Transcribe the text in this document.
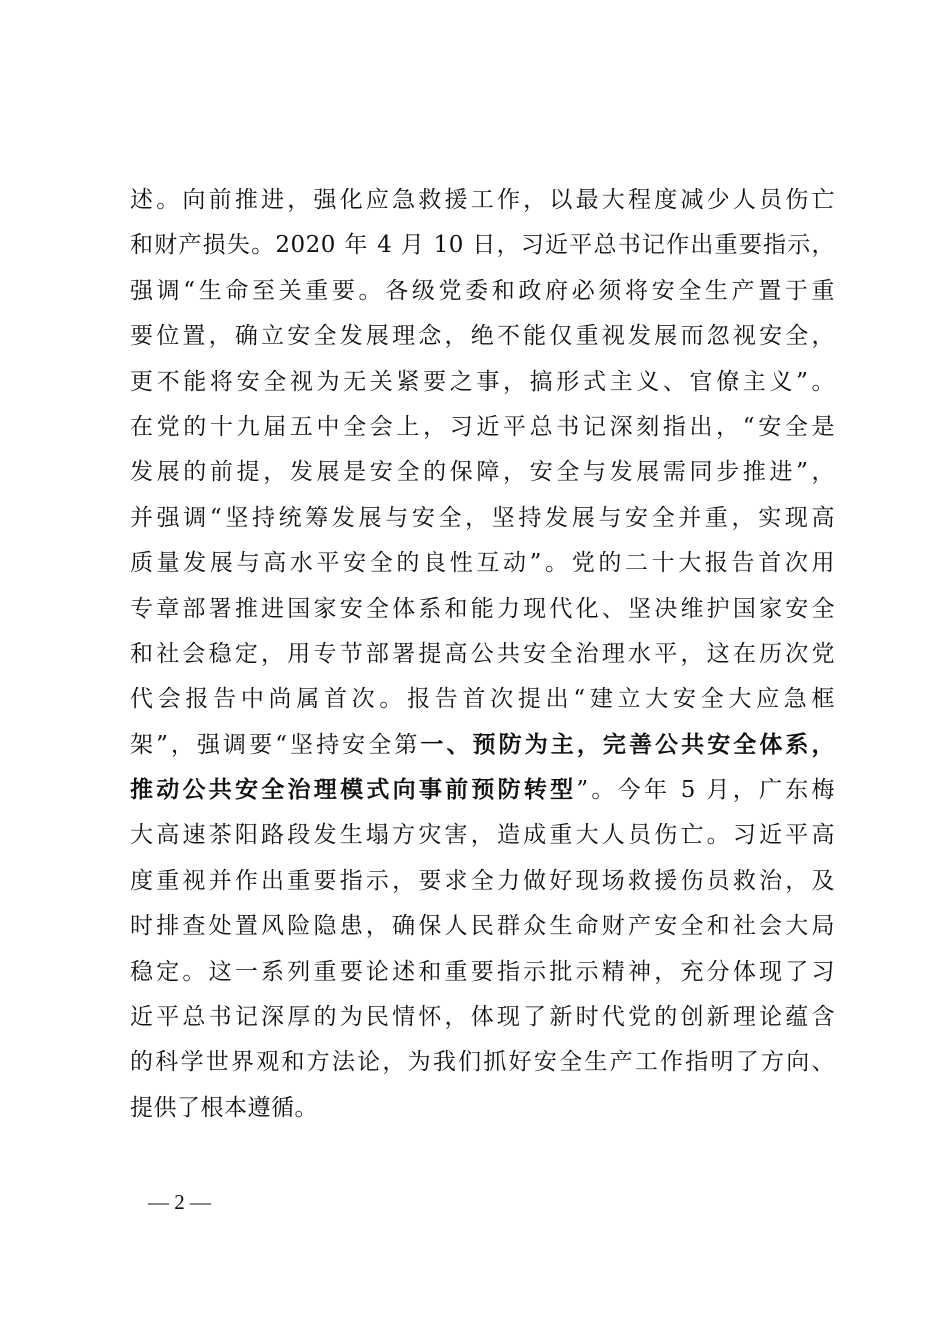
述。向前推进，强化应急救援工作，以最大程度减少人员伤亡
和财产损失。2020 年 4 月 10 日，习近平总书记作出重要指示，
强调“生命至关重要。各级党委和政府必须将安全生产置于重
要位置，确立安全发展理念，绝不能仅重视发展而忽视安全，
更不能将安全视为无关紧要之事，搞形式主义、官僚主义”。
在党的十九届五中全会上，习近平总书记深刻指出，“安全是
发展的前提，发展是安全的保障，安全与发展需同步推进”，
并强调“坚持统筹发展与安全，坚持发展与安全并重，实现高
质量发展与高水平安全的良性互动”。党的二十大报告首次用
专章部署推进国家安全体系和能力现代化、坚决维护国家安全
和社会稳定，用专节部署提高公共安全治理水平，这在历次党
代会报告中尚属首次。报告首次提出“建立大安全大应急框
架”，强调要“坚持安全第一、预防为主，完善公共安全体系，
推动公共安全治理模式向事前预防转型”。今年 5 月，广东梅
大高速茶阳路段发生塌方灾害，造成重大人员伤亡。习近平高
度重视并作出重要指示，要求全力做好现场救援伤员救治，及
时排查处置风险隐患，确保人民群众生命财产安全和社会大局
稳定。这一系列重要论述和重要指示批示精神，充分体现了习
近平总书记深厚的为民情怀，体现了新时代党的创新理论蕴含
的科学世界观和方法论，为我们抓好安全生产工作指明了方向、
提供了根本遵循。
— 2 —
